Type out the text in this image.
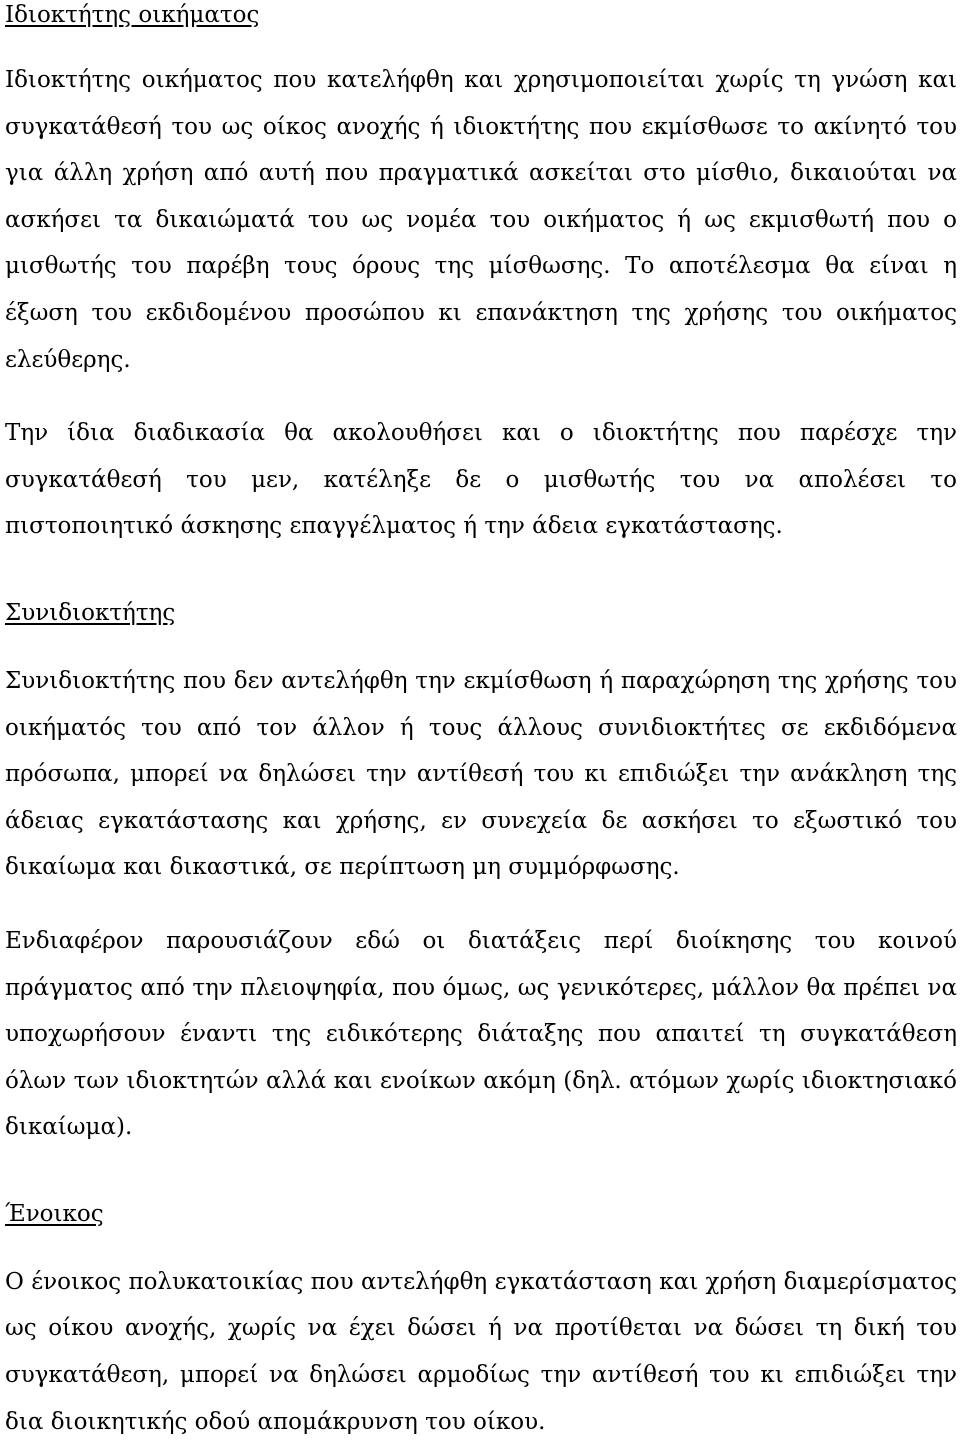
Ιδιοκτήτης οικήματος

Ιδιοκτήτης οικήματος που κατελήφθη και χρησιμοποιείται χωρίς τη γνώση και συγκατάθεσή του ως οίκος ανοχής ή ιδιοκτήτης που εκμίσθωσε το ακίνητό του για άλλη χρήση από αυτή που πραγματικά ασκείται στο μίσθιο, δικαιούται να ασκήσει τα δικαιώματά του ως νομέα του οικήματος ή ως εκμισθωτή που ο μισθωτής του παρέβη τους όρους της μίσθωσης. Το αποτέλεσμα θα είναι η έξωση του εκδιδομένου προσώπου κι επανάκτηση της χρήσης του οικήματος ελεύθερης.

Την ίδια διαδικασία θα ακολουθήσει και ο ιδιοκτήτης που παρέσχε την συγκατάθεσή του μεν, κατέληξε δε ο μισθωτής του να απολέσει το πιστοποιητικό άσκησης επαγγέλματος ή την άδεια εγκατάστασης.

Συνιδιοκτήτης

Συνιδιοκτήτης που δεν αντελήφθη την εκμίσθωση ή παραχώρηση της χρήσης του οικήματός του από τον άλλον ή τους άλλους συνιδιοκτήτες σε εκδιδόμενα πρόσωπα, μπορεί να δηλώσει την αντίθεσή του κι επιδιώξει την ανάκληση της άδειας εγκατάστασης και χρήσης, εν συνεχεία δε ασκήσει το εξωστικό του δικαίωμα και δικαστικά, σε περίπτωση μη συμμόρφωσης.

Ενδιαφέρον παρουσιάζουν εδώ οι διατάξεις περί διοίκησης του κοινού πράγματος από την πλειοψηφία, που όμως, ως γενικότερες, μάλλον θα πρέπει να υποχωρήσουν έναντι της ειδικότερης διάταξης που απαιτεί τη συγκατάθεση όλων των ιδιοκτητών αλλά και ενοίκων ακόμη (δηλ. ατόμων χωρίς ιδιοκτησιακό δικαίωμα).

Ένοικος

Ο ένοικος πολυκατοικίας που αντελήφθη εγκατάσταση και χρήση διαμερίσματος ως οίκου ανοχής, χωρίς να έχει δώσει ή να προτίθεται να δώσει τη δική του συγκατάθεση, μπορεί να δηλώσει αρμοδίως την αντίθεσή του κι επιδιώξει την δια διοικητικής οδού απομάκρυνση του οίκου.
